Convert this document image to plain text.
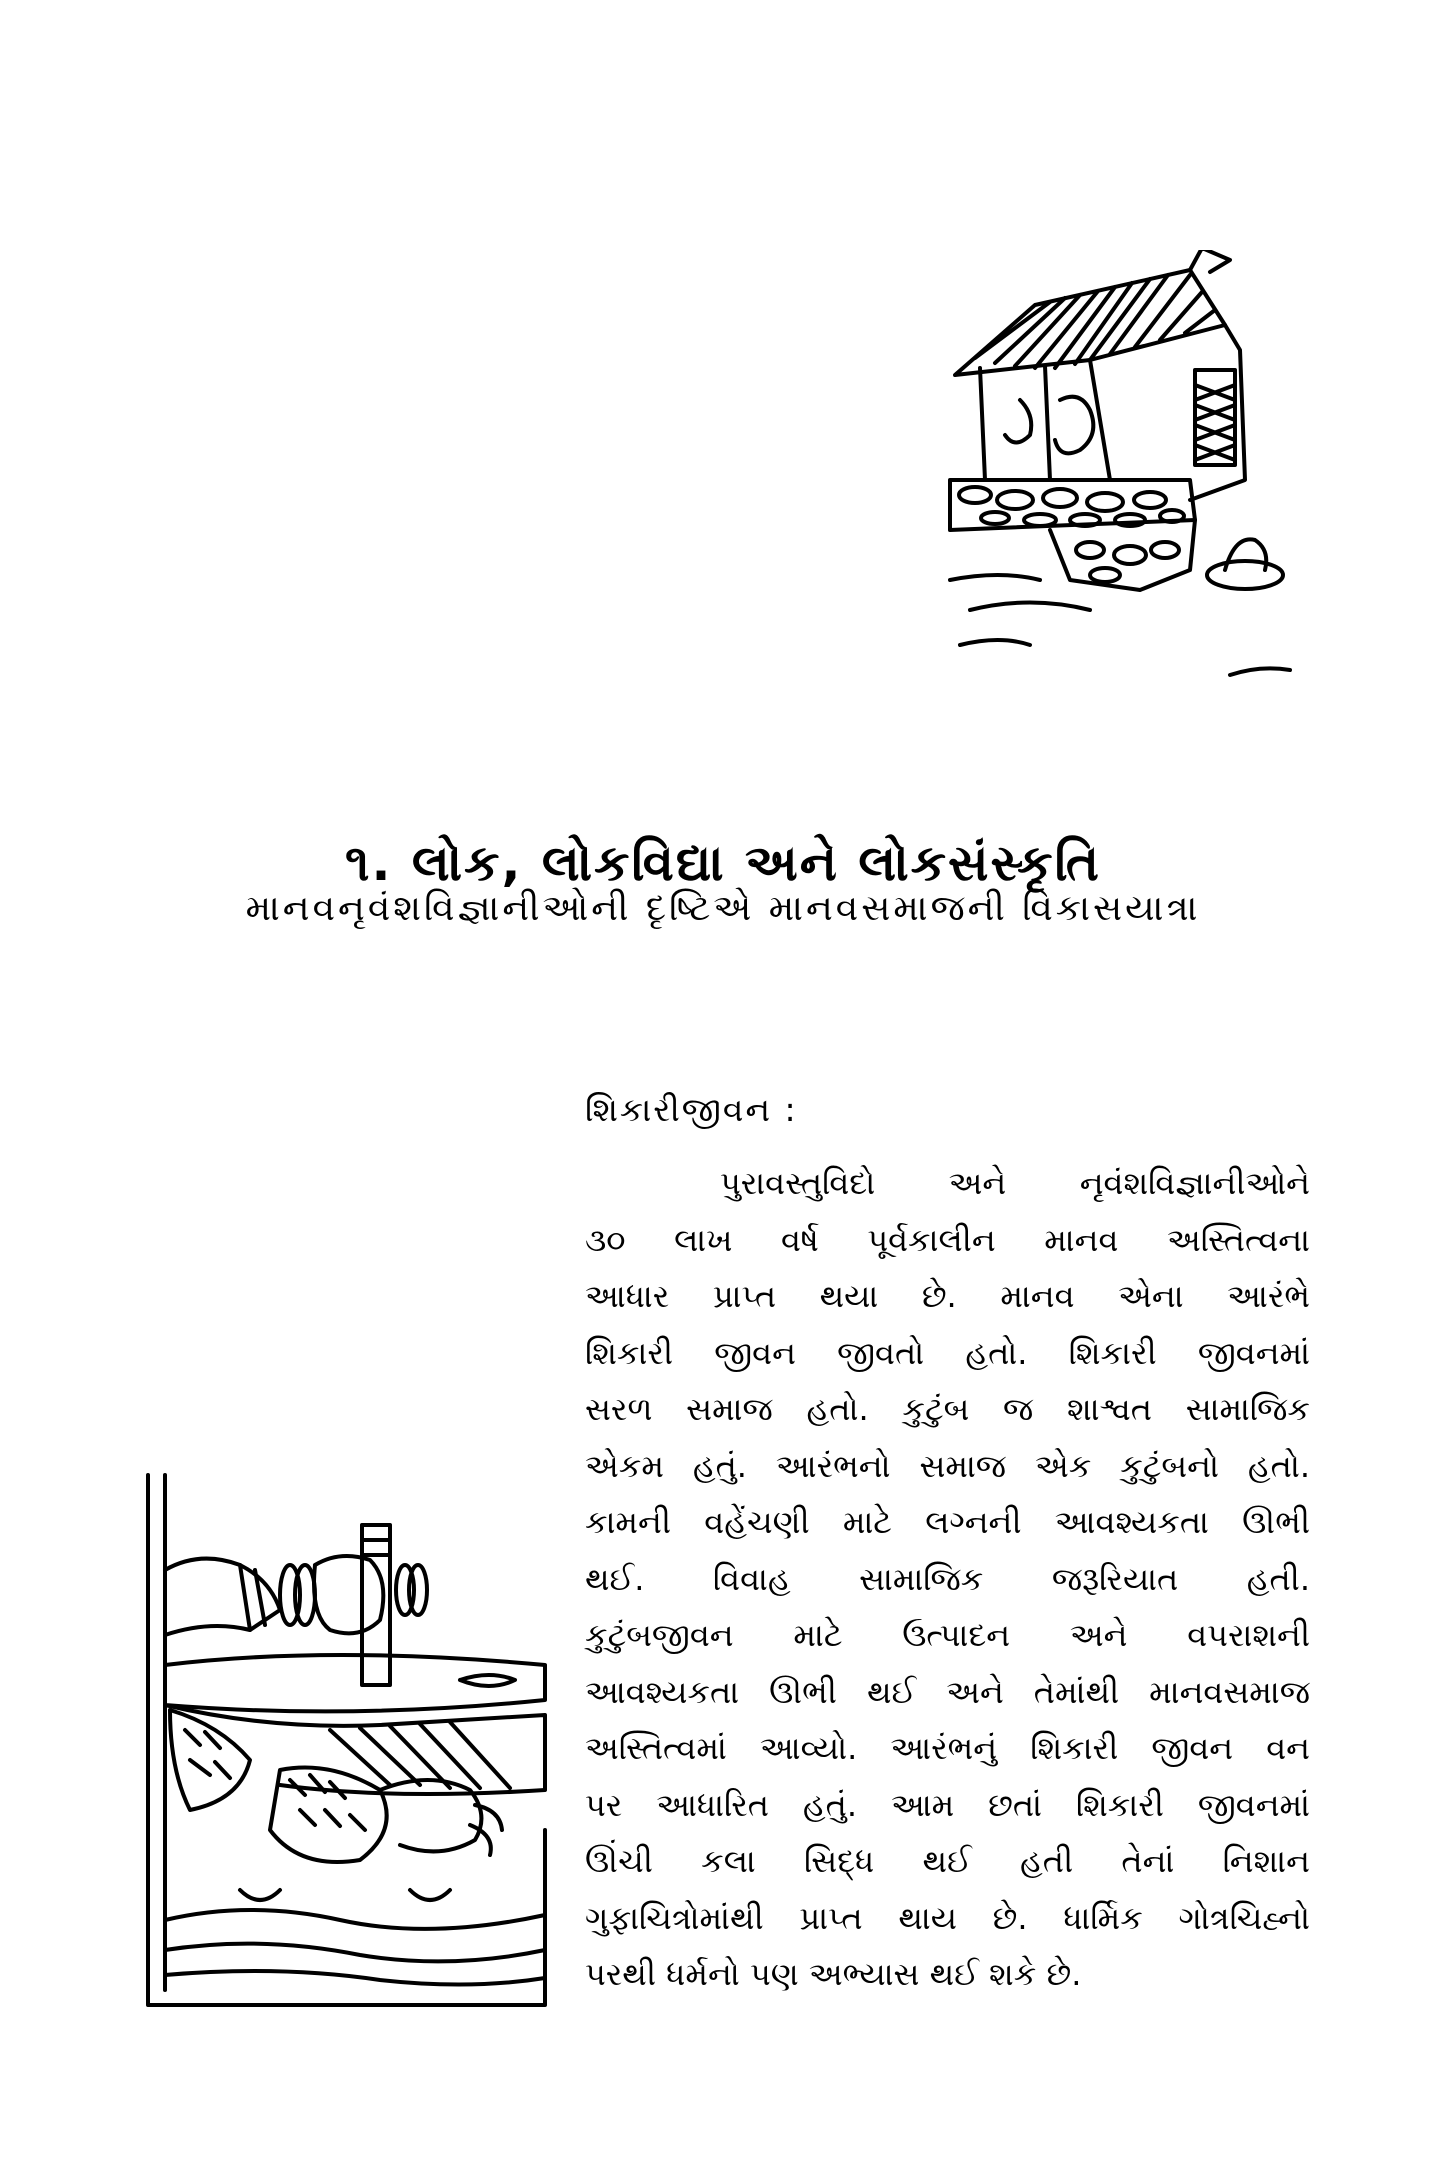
૧. લોક, લોકવિદ્યા અને લોકસંસ્કૃતિ
માનવનૃવંશવિજ્ઞાનીઓની દૃષ્ટિએ માનવસમાજની વિકાસયાત્રા
શિકારીજીવન :
પુરાવસ્તુવિદો અને નૃવંશવિજ્ઞાનીઓને
૩૦ લાખ વર્ષ પૂર્વકાલીન માનવ અસ્તિત્વના
આધાર પ્રાપ્ત થયા છે. માનવ એના આરંભે
શિકારી જીવન જીવતો હતો. શિકારી જીવનમાં
સરળ સમાજ હતો. કુટુંબ જ શાશ્વત સામાજિક
એકમ હતું. આરંભનો સમાજ એક કુટુંબનો હતો.
કામની વહેંચણી માટે લગ્નની આવશ્યકતા ઊભી
થઈ. વિવાહ સામાજિક જરૂરિયાત હતી.
કુટુંબજીવન માટે ઉત્પાદન અને વપરાશની
આવશ્યકતા ઊભી થઈ અને તેમાંથી માનવસમાજ
અસ્તિત્વમાં આવ્યો. આરંભનું શિકારી જીવન વન
પર આધારિત હતું. આમ છતાં શિકારી જીવનમાં
ઊંચી કલા સિદ્ધ થઈ હતી તેનાં નિશાન
ગુફાચિત્રોમાંથી પ્રાપ્ત થાય છે. ધાર્મિક ગોત્રચિહ્નો
પરથી ધર્મનો પણ અભ્યાસ થઈ શકે છે.
